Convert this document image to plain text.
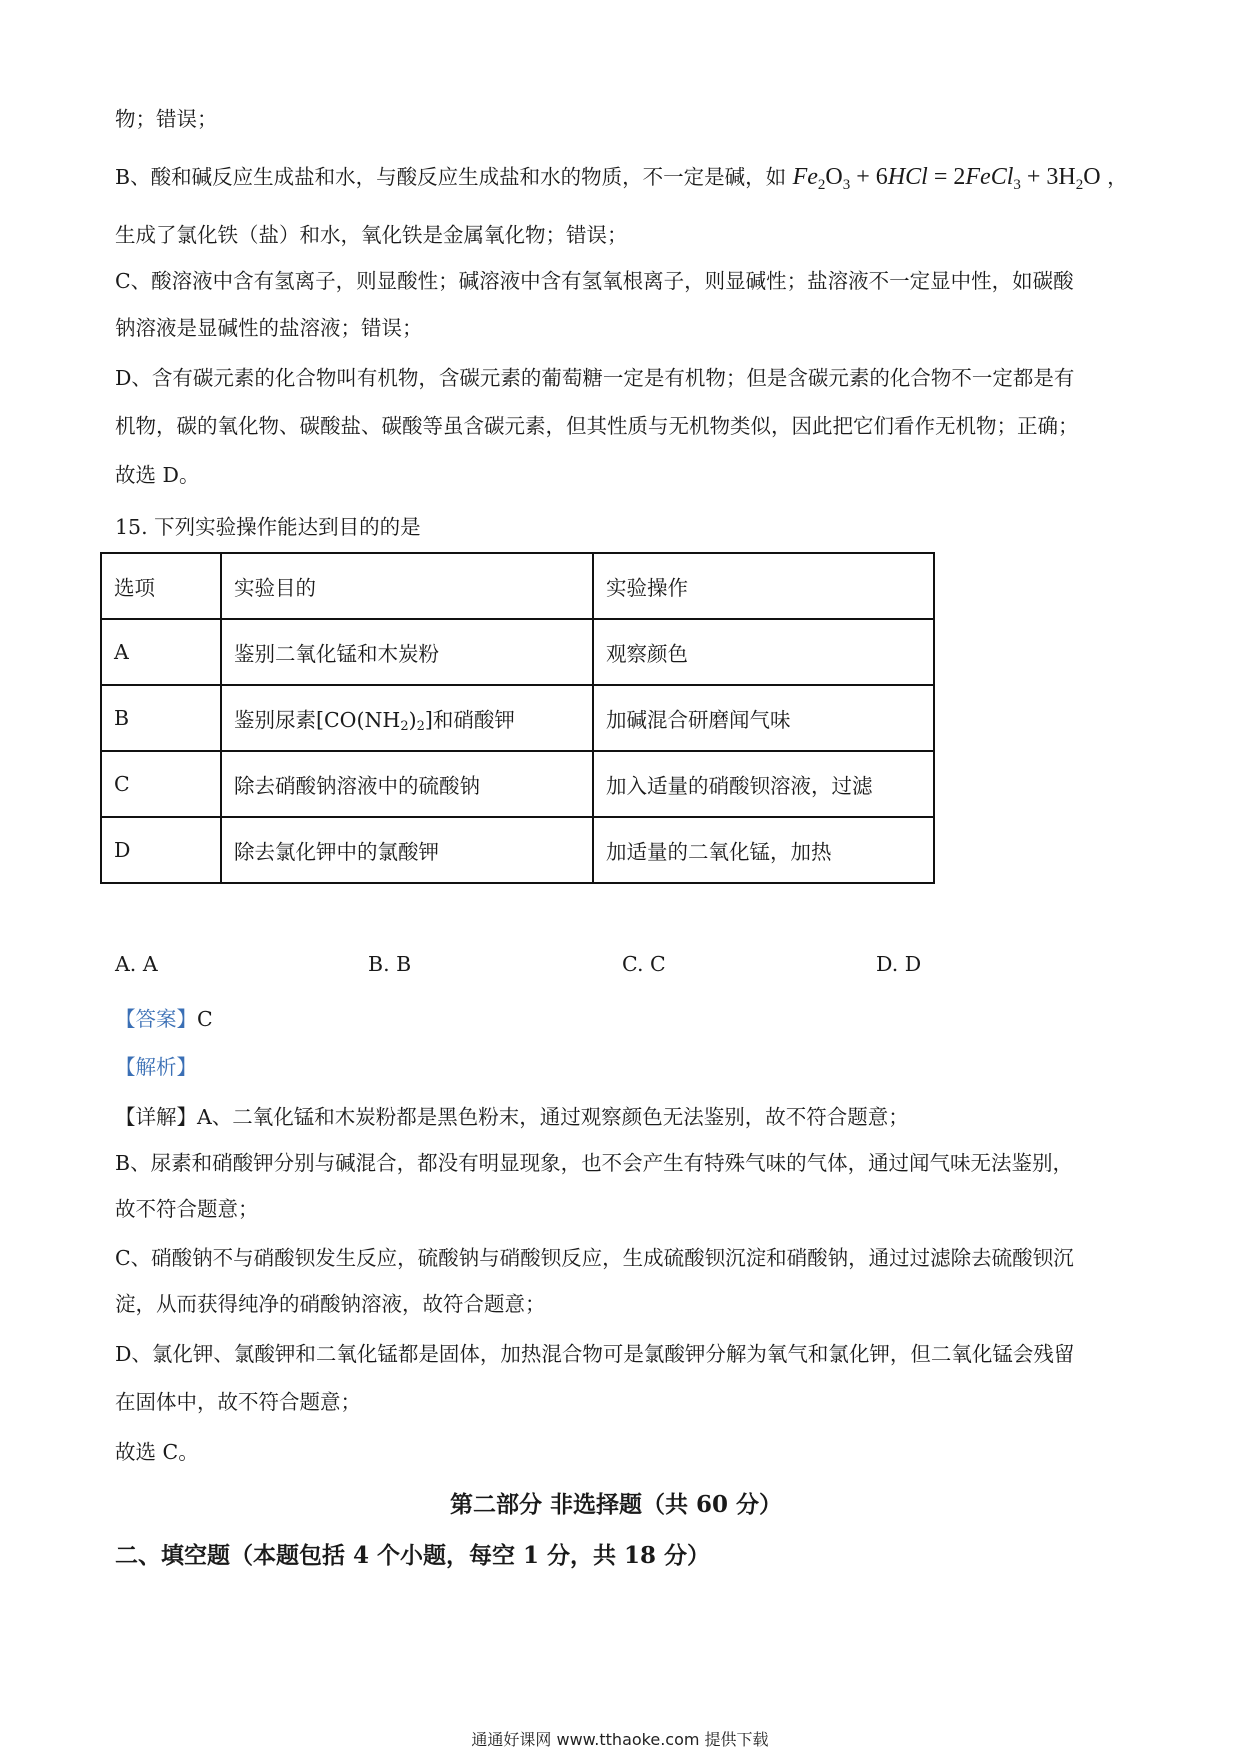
物；错误；
B、酸和碱反应生成盐和水，与酸反应生成盐和水的物质，不一定是碱，如 $Fe_2O_3 + 6HCl$ = 2FeCl$_3$ + $3H_2O$ ，
生成了氯化铁（盐）和水，氧化铁是金属氧化物；错误；
C、酸溶液中含有氢离子，则显酸性；碱溶液中含有氢氧根离子，则显碱性；盐溶液不一定显中性，如碳酸
钠溶液是显碱性的盐溶液；错误；
D、含有碳元素的化合物叫有机物，含碳元素的葡萄糖一定是有机物；但是含碳元素的化合物不一定都是有
机物，碳的氧化物、碳酸盐、碳酸等虽含碳元素，但其性质与无机物类似，因此把它们看作无机物；正确；
故选 D。
15. 下列实验操作能达到目的的是
选项	实验目的	实验操作
A	鉴别二氧化锰和木炭粉	观察颜色
B	鉴别尿素$[CO(NH_2)_2]$和硝酸钾	加碱混合研磨闻气味
C	除去硝酸钠溶液中的硫酸钠	加入适量的硝酸钡溶液，过滤
D	除去氯化钾中的氯酸钾	加适量的二氧化锰，加热
A. A	B. B	C. C	D. D
【答案】C
【解析】
【详解】A、二氧化锰和木炭粉都是黑色粉末，通过观察颜色无法鉴别，故不符合题意；
B、尿素和硝酸钾分别与碱混合，都没有明显现象，也不会产生有特殊气味的气体，通过闻气味无法鉴别，
故不符合题意；
C、硝酸钠不与硝酸钡发生反应，硫酸钠与硝酸钡反应，生成硫酸钡沉淀和硝酸钠，通过过滤除去硫酸钡沉
淀，从而获得纯净的硝酸钠溶液，故符合题意；
D、氯化钾、氯酸钾和二氧化锰都是固体，加热混合物可是氯酸钾分解为氧气和氯化钾，但二氧化锰会残留
在固体中，故不符合题意；
故选 C。
第二部分 非选择题（共 60 分）
二、填空题（本题包括 4 个小题，每空 1 分，共 18 分）
通通好课网 www.tthaoke.com 提供下载
